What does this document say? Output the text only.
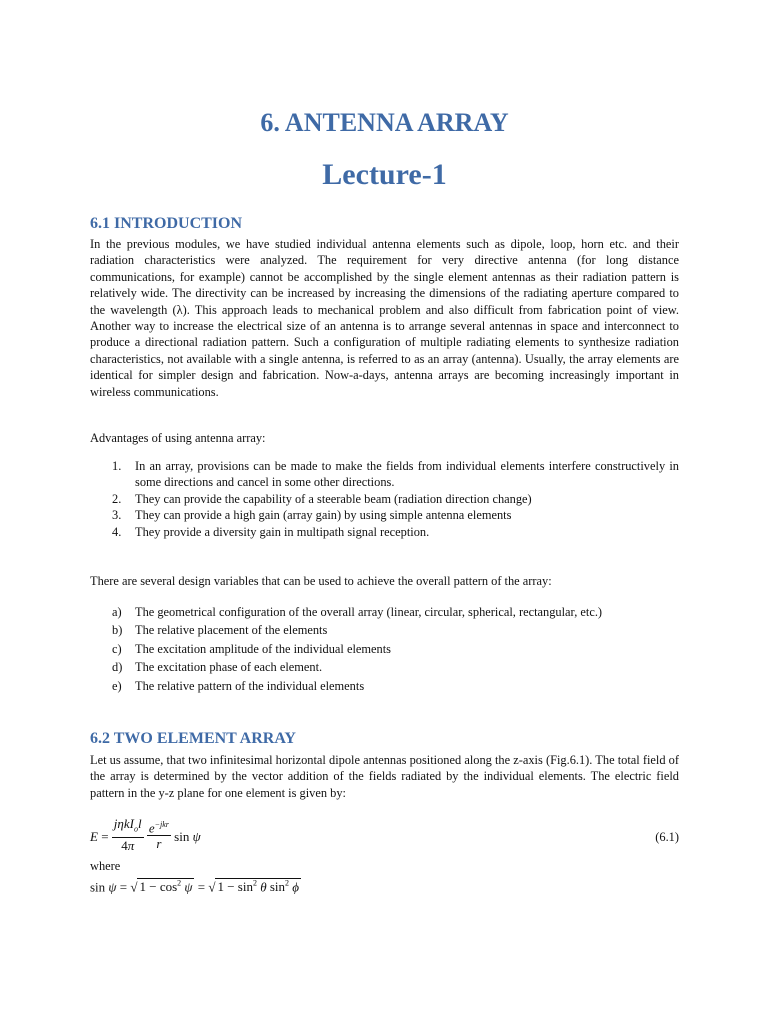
6. ANTENNA ARRAY
Lecture-1
6.1 INTRODUCTION
In the previous modules, we have studied individual antenna elements such as dipole, loop, horn etc. and their radiation characteristics were analyzed. The requirement for very directive antenna (for long distance communications, for example) cannot be accomplished by the single element antennas as their radiation pattern is relatively wide. The directivity can be increased by increasing the dimensions of the radiating aperture compared to the wavelength (λ). This approach leads to mechanical problem and also difficult from fabrication point of view. Another way to increase the electrical size of an antenna is to arrange several antennas in space and interconnect to produce a directional radiation pattern. Such a configuration of multiple radiating elements to synthesize radiation characteristics, not available with a single antenna, is referred to as an array (antenna). Usually, the array elements are identical for simpler design and fabrication. Now-a-days, antenna arrays are becoming increasingly important in wireless communications.
Advantages of using antenna array:
1. In an array, provisions can be made to make the fields from individual elements interfere constructively in some directions and cancel in some other directions.
2. They can provide the capability of a steerable beam (radiation direction change)
3. They can provide a high gain (array gain) by using simple antenna elements
4. They provide a diversity gain in multipath signal reception.
There are several design variables that can be used to achieve the overall pattern of the array:
a) The geometrical configuration of the overall array (linear, circular, spherical, rectangular, etc.)
b) The relative placement of the elements
c) The excitation amplitude of the individual elements
d) The excitation phase of each element.
e) The relative pattern of the individual elements
6.2 TWO ELEMENT ARRAY
Let us assume, that two infinitesimal horizontal dipole antennas positioned along the z-axis (Fig.6.1). The total field of the array is determined by the vector addition of the fields radiated by the individual elements. The electric field pattern in the y-z plane for one element is given by:
$E = \frac{j\eta kI_ol}{4\pi}$
$\frac{e^{-jkr}}{r}$ sin ψ	(6.1)
where
sin ψ = √ $1 - \cos^2 \psi$ = √ $1 - \sin^2 \theta$ $\sin^2 \phi$
